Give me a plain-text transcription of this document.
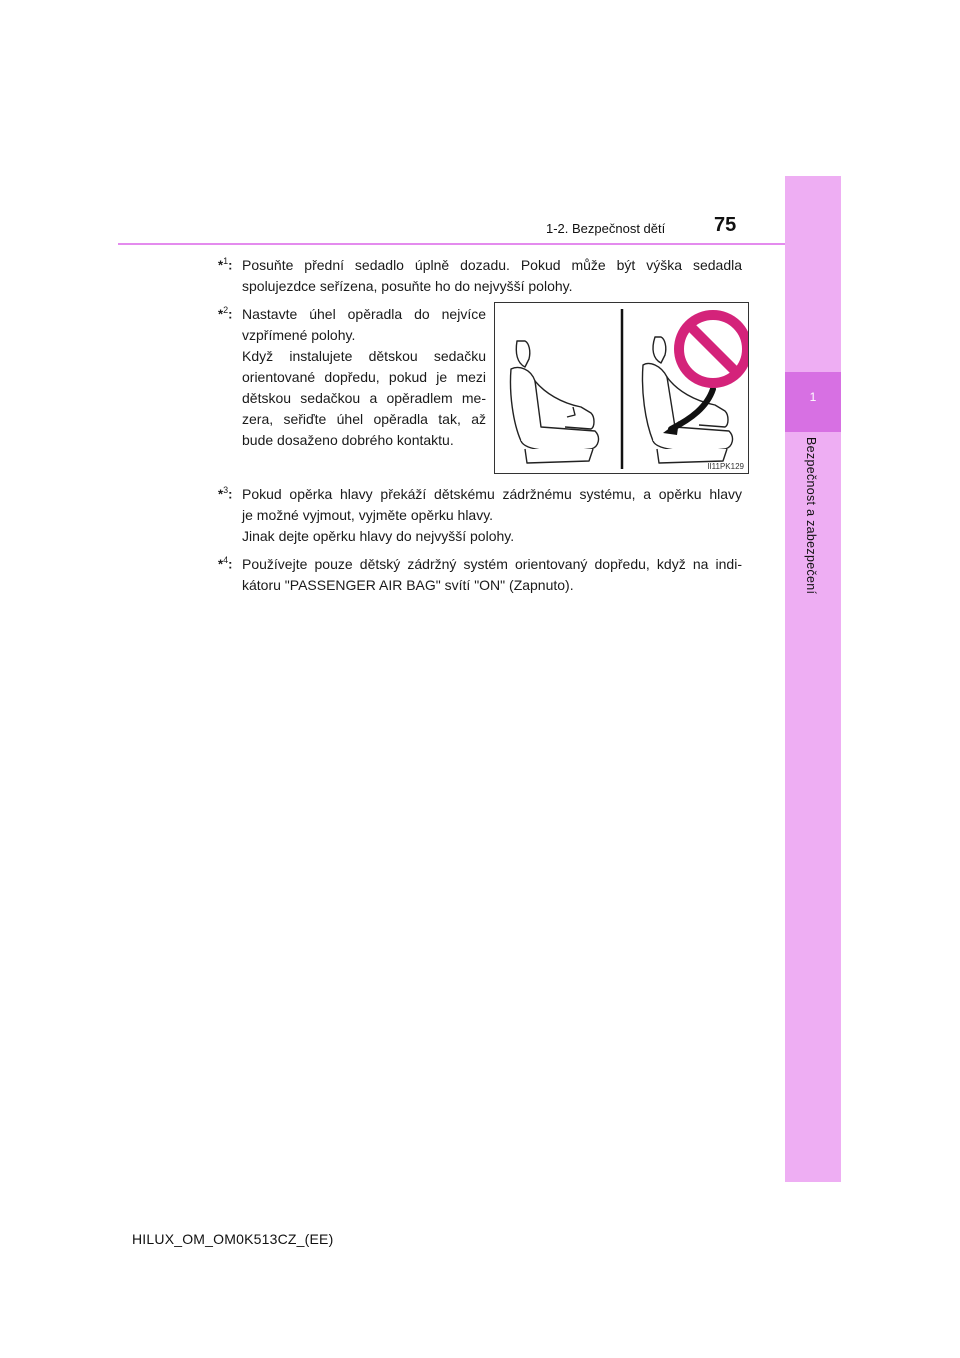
1
Bezpečnost a zabezpečení
1-2. Bezpečnost dětí 75
*$^1$: Posuňte přední sedadlo úplně dozadu. Pokud může být výška sedadla

spolujezdce seřízena, posuňte ho do nejvyšší polohy.

*$^2$: Nastavte úhel opěradla do nejvíce

vzpřímené polohy.

Když instalujete dětskou sedačku

orientované dopředu, pokud je mezi

dětskou sedačkou a opěradlem me-

zera, seřiďte úhel opěradla tak, až

bude dosaženo dobrého kontaktu.

II11PK129
*$^3$: Pokud opěrka hlavy překáží dětskému zádržnému systému, a opěrku hlavy

je možné vyjmout, vyjměte opěrku hlavy.

Jinak dejte opěrku hlavy do nejvyšší polohy.

*$^4$: Používejte pouze dětský zádržný systém orientovaný dopředu, když na indi-

kátoru "PASSENGER AIR BAG" svítí "ON" (Zapnuto).

HILUX_OM_OM0K513CZ_(EE)
